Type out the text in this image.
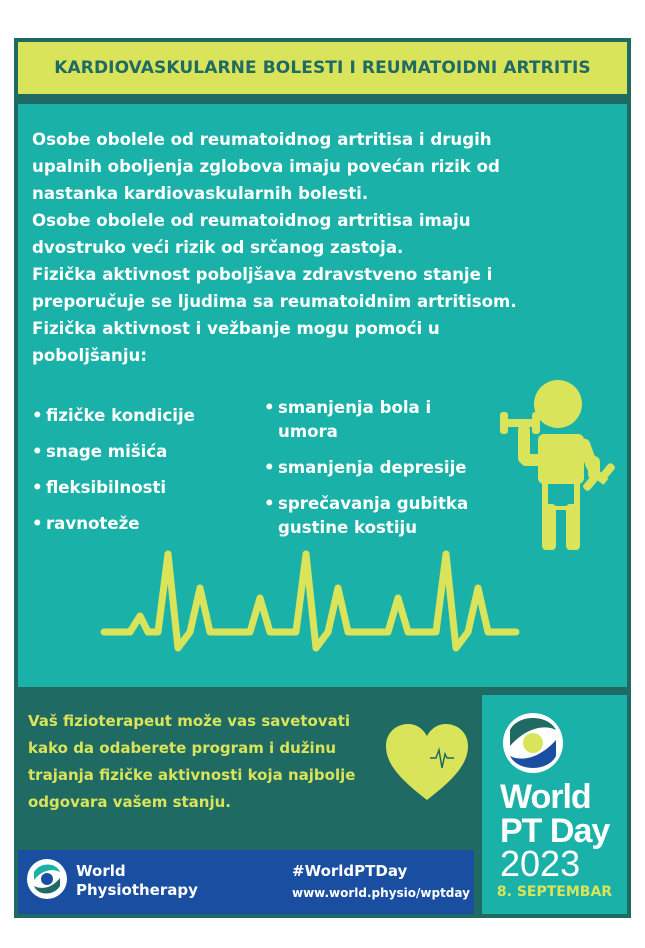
KARDIOVASKULARNE BOLESTI I REUMATOIDNI ARTRITIS
Osobe obolele od reumatoidnog artritisa i drugih
upalnih oboljenja zglobova imaju povećan rizik od
nastanka kardiovaskularnih bolesti.
Osobe obolele od reumatoidnog artritisa imaju
dvostruko veći rizik od srčanog zastoja.
Fizička aktivnost poboljšava zdravstveno stanje i
preporučuje se ljudima sa reumatoidnim artritisom.
Fizička aktivnost i vežbanje mogu pomoći u
poboljšanju:
• fizičke kondicije
• snage mišića
• fleksibilnosti
• ravnoteže
• smanjenja bola i
umora
• smanjenja depresije
• sprečavanja gubitka
gustine kostiju
Vaš fizioterapeut može vas savetovati
kako da odaberete program i dužinu
trajanja fizičke aktivnosti koja najbolje
odgovara vašem stanju.
World
Physiotherapy
#WorldPTDay
www.world.physio/wptday
World
PT Day
2023
8. SEPTEMBAR
